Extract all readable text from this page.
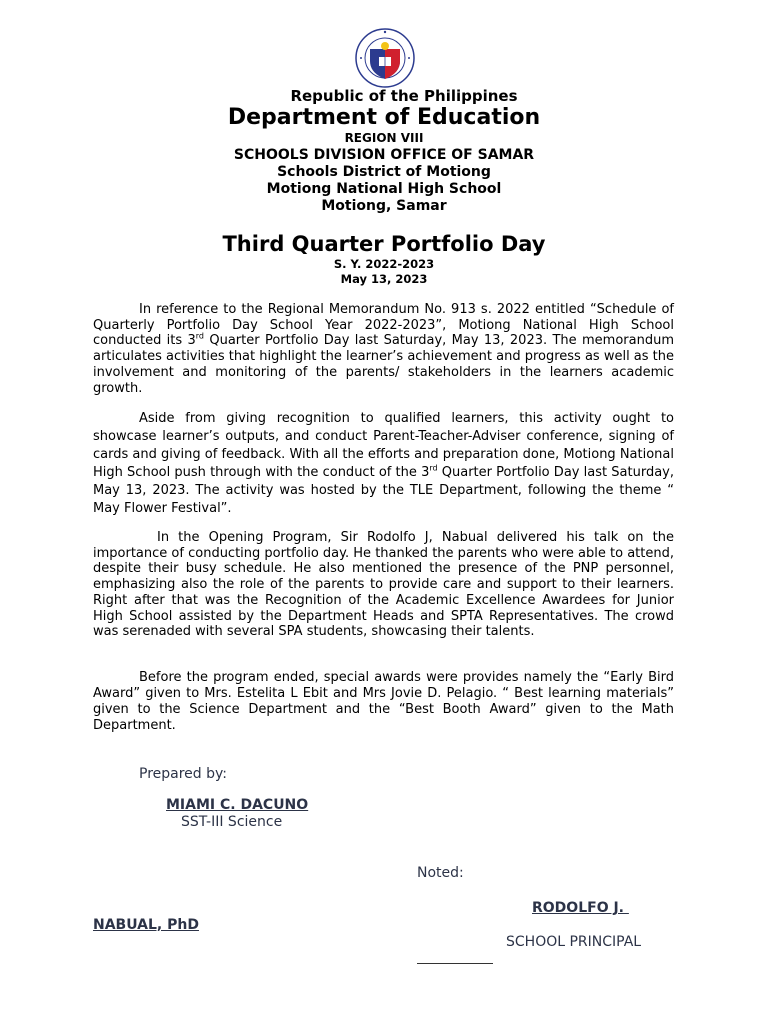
Republic of the Philippines
Department of Education
REGION VIII
SCHOOLS DIVISION OFFICE OF SAMAR
Schools District of Motiong
Motiong National High School
Motiong, Samar
Third Quarter Portfolio Day
S. Y. 2022-2023
May 13, 2023

In reference to the Regional Memorandum No. 913 s. 2022 entitled “Schedule of Quarterly Portfolio Day School Year 2022-2023”, Motiong National High School conducted its 3rd Quarter Portfolio Day last Saturday, May 13, 2023. The memorandum articulates activities that highlight the learner’s achievement and progress as well as the involvement and monitoring of the parents/ stakeholders in the learners academic growth.

Aside from giving recognition to qualified learners, this activity ought to showcase learner’s outputs, and conduct Parent-Teacher-Adviser conference, signing of cards and giving of feedback. With all the efforts and preparation done, Motiong National High School push through with the conduct of the 3rd Quarter Portfolio Day last Saturday, May 13, 2023. The activity was hosted by the TLE Department, following the theme “ May Flower Festival”.

In the Opening Program, Sir Rodolfo J, Nabual delivered his talk on the importance of conducting portfolio day. He thanked the parents who were able to attend, despite their busy schedule. He also mentioned the presence of the PNP personnel, emphasizing also the role of the parents to provide care and support to their learners. Right after that was the Recognition of the Academic Excellence Awardees for Junior High School assisted by the Department Heads and SPTA Representatives. The crowd was serenaded with several SPA students, showcasing their talents.

Before the program ended, special awards were provides namely the “Early Bird Award” given to Mrs. Estelita L Ebit and Mrs Jovie D. Pelagio. “ Best learning materials” given to the Science Department and the “Best Booth Award” given to the Math Department.

Prepared by:
MIAMI C. DACUNO
SST-III Science
Noted:
RODOLFO J.
NABUAL, PhD
SCHOOL PRINCIPAL
